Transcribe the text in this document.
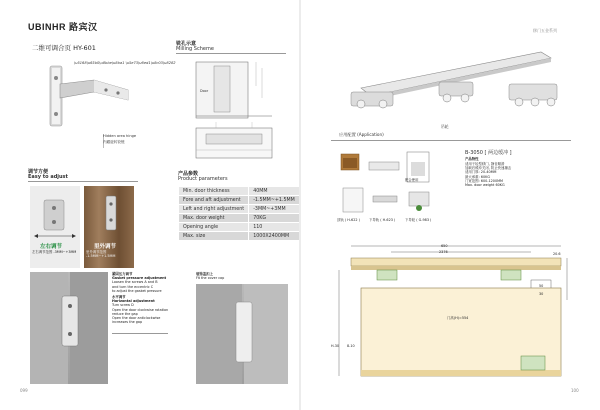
UBINHR 路宾汉
二维可调合页 HY-601
\u5168\u65b0\u8bbe\u8ba1 \u5e73\u6ed1\u8c03\u8282
Hidden area hinge
内藏旋转铰链
铣孔示意
Milling Scheme
Door
产品参数
Product parameters
Min. door thickness	40MM
Fore and aft adjustment	-1.5MM~+1.5MM
Left and right adjustment	-3MM~+3MM
Max. door weight	70KG
Opening angle	110
Max. size	1000X2400MM
调节方便
Easy to adjust
左右调节
左右调节范围 -3MM~+3MM
里外调节
里外调节范围 -1.5MM~+1.5MM
紧固压力调节
Gasket pressure adjustment
Loosen the screws A and B
and turn the eccentric C
to adjust the gasket pressure
水平调节
Horizontal adjustment
Turn screw D
Open the door clockwise rotation
reduce the gap
Open the door anticlockwise
increases the gap
装饰盖扣上
Fit the cover cap
099
移门五金系列
吊轮
应用配置 (Application)
配合使用
顶轨 ( H-622 )	下导轨 ( H-623 )	下导轮 ( G-983 )
B-3050 [ 两边缓冲 ]
产品特性
适用于轻型移门, 静音顺滑
加载后缓冲关闭, 防止快速撞击
适用门厚: 20-40MM
最大承重: 60KG
门宽范围: 600-1200MM
Max. door weight 60KG
650
2376	20.6
50
30
门高(H)=554
H-30 8-10
100
